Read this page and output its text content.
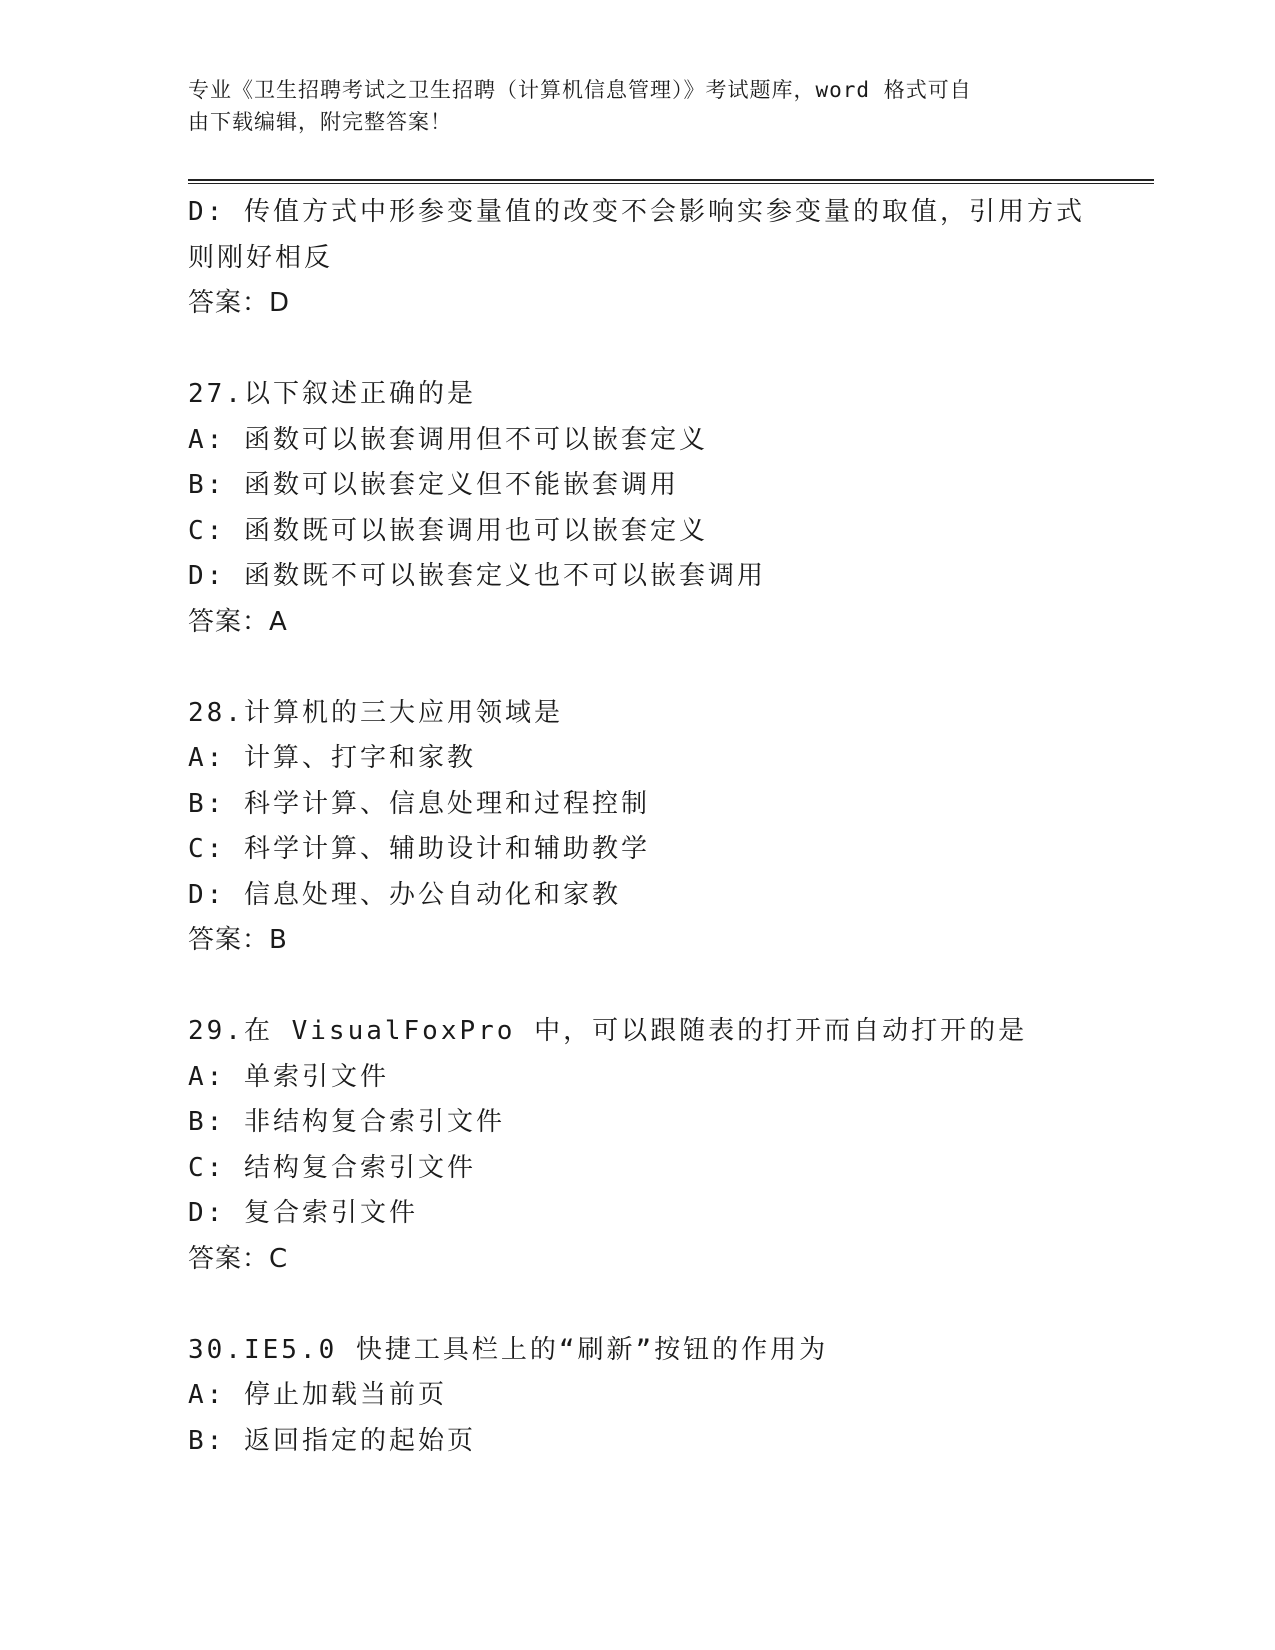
专业《卫生招聘考试之卫生招聘（计算机信息管理）》考试题库，word 格式可自
由下载编辑，附完整答案！
D: 传值方式中形参变量值的改变不会影响实参变量的取值，引用方式
则刚好相反
答案：D
27.以下叙述正确的是
A: 函数可以嵌套调用但不可以嵌套定义
B: 函数可以嵌套定义但不能嵌套调用
C: 函数既可以嵌套调用也可以嵌套定义
D: 函数既不可以嵌套定义也不可以嵌套调用
答案：A
28.计算机的三大应用领域是
A: 计算、打字和家教
B: 科学计算、信息处理和过程控制
C: 科学计算、辅助设计和辅助教学
D: 信息处理、办公自动化和家教
答案：B
29.在 VisualFoxPro 中，可以跟随表的打开而自动打开的是
A: 单索引文件
B: 非结构复合索引文件
C: 结构复合索引文件
D: 复合索引文件
答案：C
30.IE5.0 快捷工具栏上的“刷新”按钮的作用为
A: 停止加载当前页
B: 返回指定的起始页
